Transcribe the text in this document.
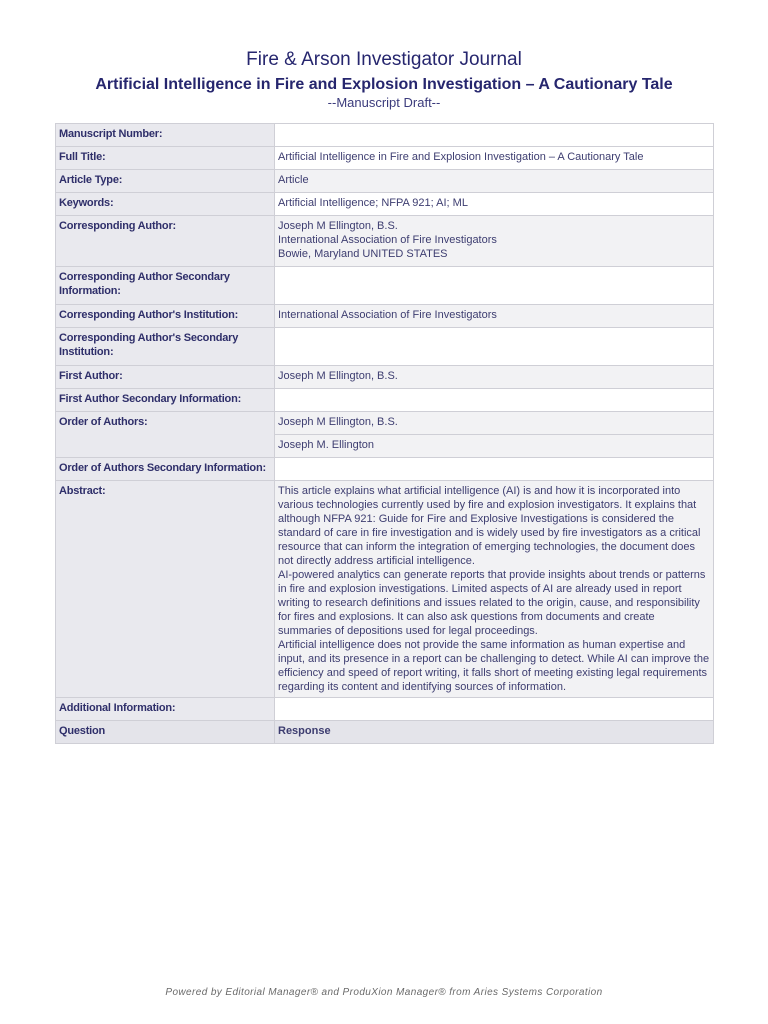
Fire & Arson Investigator Journal
Artificial Intelligence in Fire and Explosion Investigation – A Cautionary Tale
--Manuscript Draft--
Manuscript Number:	
Full Title:	Artificial Intelligence in Fire and Explosion Investigation – A Cautionary Tale
Article Type:	Article
Keywords:	Artificial Intelligence; NFPA 921; AI; ML
Corresponding Author:	Joseph M Ellington, B.S.
International Association of Fire Investigators
Bowie, Maryland UNITED STATES

Corresponding Author Secondary Information:	
Corresponding Author's Institution:	International Association of Fire Investigators
Corresponding Author's Secondary Institution:	
First Author:	Joseph M Ellington, B.S.
First Author Secondary Information:	
Order of Authors:	Joseph M Ellington, B.S.
	Joseph M. Ellington
Order of Authors Secondary Information:	
Abstract:	This article explains what artificial intelligence (AI) is and how it is incorporated into various technologies currently used by fire and explosion investigators. It explains that although NFPA 921: Guide for Fire and Explosive Investigations is considered the standard of care in fire investigation and is widely used by fire investigators as a critical resource that can inform the integration of emerging technologies, the document does not directly address artificial intelligence.
AI-powered analytics can generate reports that provide insights about trends or patterns in fire and explosion investigations. Limited aspects of AI are already used in report writing to research definitions and issues related to the origin, cause, and responsibility for fires and explosions. It can also ask questions from documents and create summaries of depositions used for legal proceedings.
Artificial intelligence does not provide the same information as human expertise and input, and its presence in a report can be challenging to detect. While AI can improve the efficiency and speed of report writing, it falls short of meeting existing legal requirements regarding its content and identifying sources of information.

Additional Information:	
Question	Response
Powered by Editorial Manager® and ProduXion Manager® from Aries Systems Corporation
